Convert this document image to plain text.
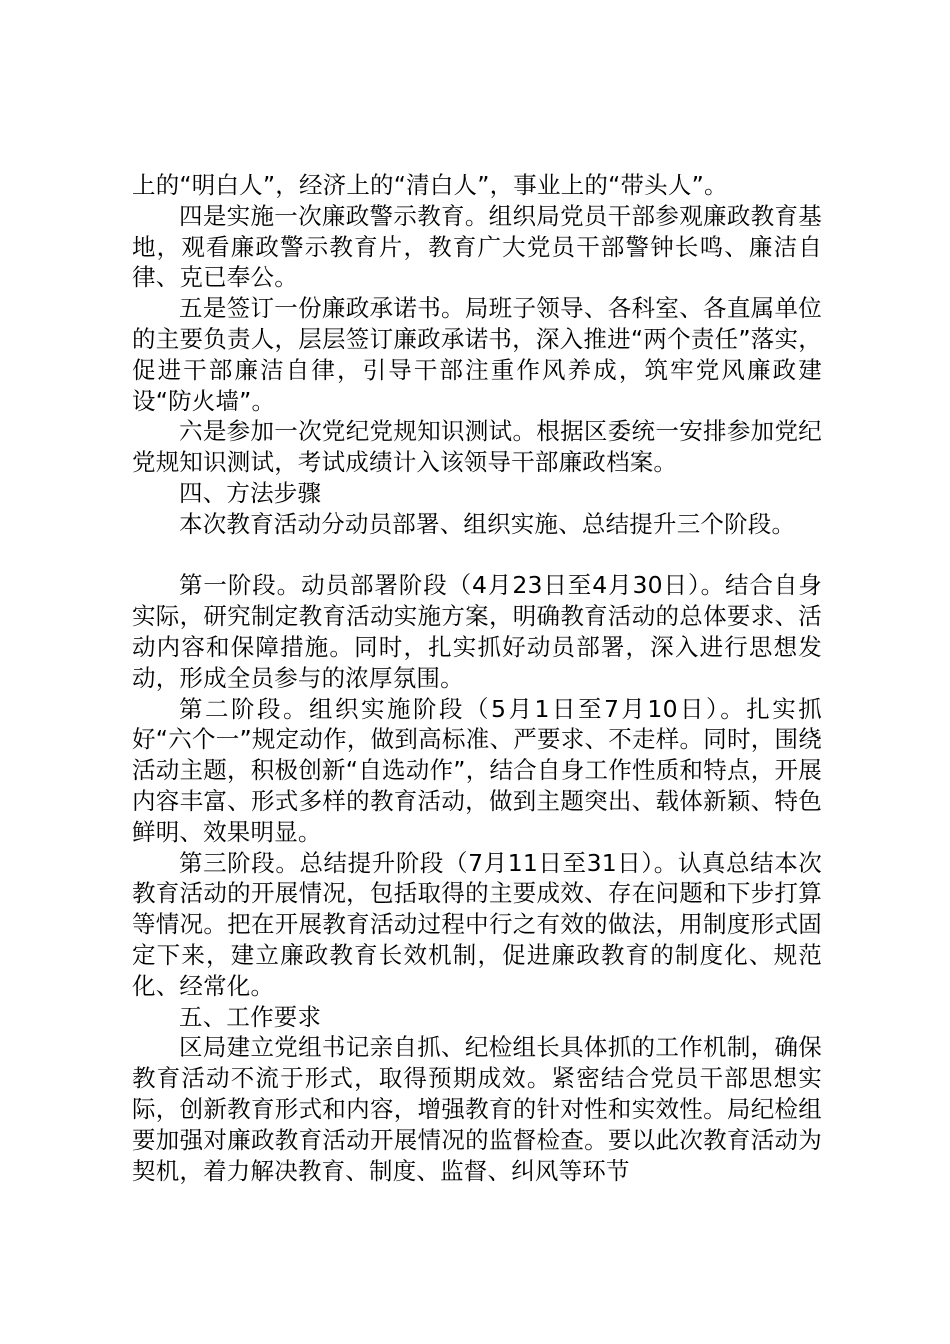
上的“明白人”，经济上的“清白人”，事业上的“带头人”。

四是实施一次廉政警示教育。组织局党员干部参观廉政教育基地，观看廉政警示教育片，教育广大党员干部警钟长鸣、廉洁自律、克已奉公。

五是签订一份廉政承诺书。局班子领导、各科室、各直属单位的主要负责人，层层签订廉政承诺书，深入推进“两个责任”落实，促进干部廉洁自律，引导干部注重作风养成，筑牢党风廉政建设“防火墙”。

六是参加一次党纪党规知识测试。根据区委统一安排参加党纪党规知识测试，考试成绩计入该领导干部廉政档案。

四、方法步骤

本次教育活动分动员部署、组织实施、总结提升三个阶段。

第一阶段。动员部署阶段（4月23日至4月30日）。结合自身实际，研究制定教育活动实施方案，明确教育活动的总体要求、活动内容和保障措施。同时，扎实抓好动员部署，深入进行思想发动，形成全员参与的浓厚氛围。

第二阶段。组织实施阶段（5月1日至7月10日）。扎实抓好“六个一”规定动作，做到高标准、严要求、不走样。同时，围绕活动主题，积极创新“自选动作”，结合自身工作性质和特点，开展内容丰富、形式多样的教育活动，做到主题突出、载体新颖、特色鲜明、效果明显。

第三阶段。总结提升阶段（7月11日至31日）。认真总结本次教育活动的开展情况，包括取得的主要成效、存在问题和下步打算等情况。把在开展教育活动过程中行之有效的做法，用制度形式固定下来，建立廉政教育长效机制，促进廉政教育的制度化、规范化、经常化。

五、工作要求

区局建立党组书记亲自抓、纪检组长具体抓的工作机制，确保教育活动不流于形式，取得预期成效。紧密结合党员干部思想实际，创新教育形式和内容，增强教育的针对性和实效性。局纪检组要加强对廉政教育活动开展情况的监督检查。要以此次教育活动为契机，着力解决教育、制度、监督、纠风等环节
